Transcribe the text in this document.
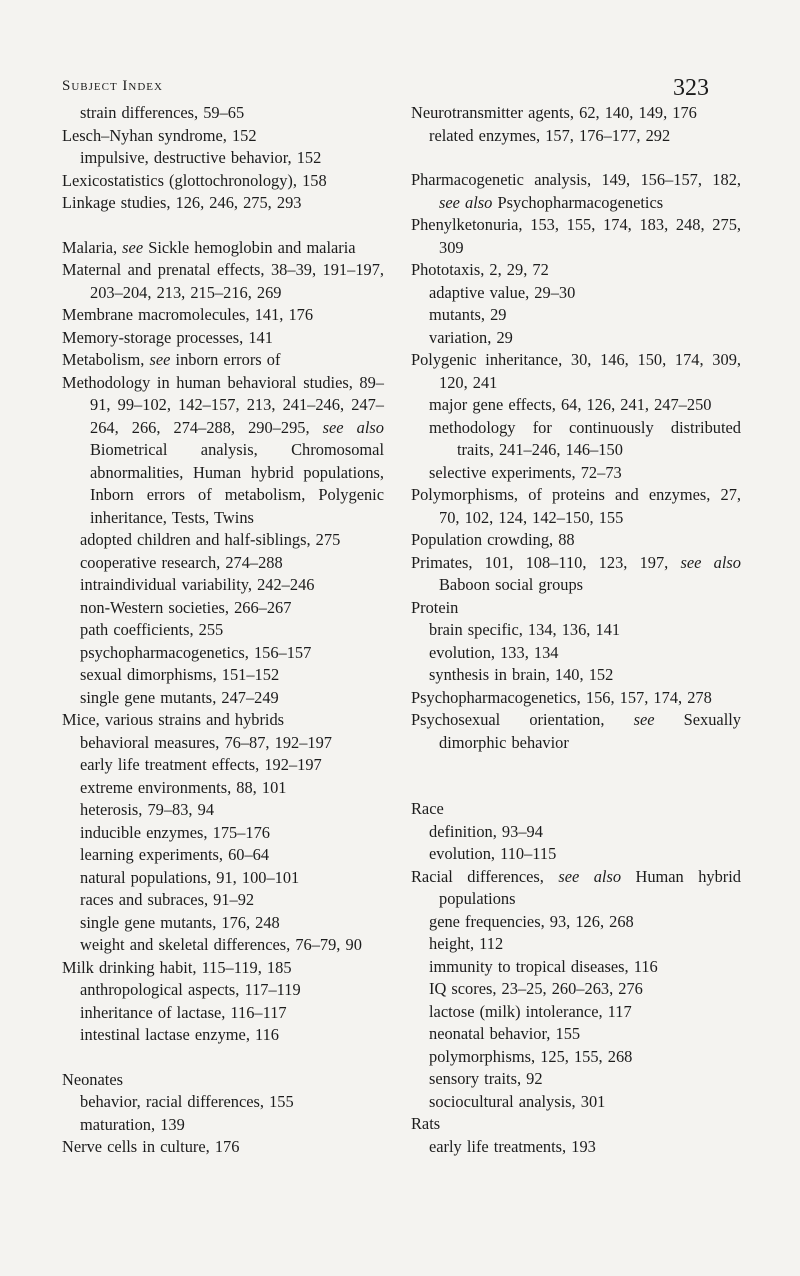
Subject Index	323
strain differences, 59–65
Lesch–Nyhan syndrome, 152
impulsive, destructive behavior, 152
Lexicostatistics (glottochronology), 158
Linkage studies, 126, 246, 275, 293
Malaria, see Sickle hemoglobin and malaria
Maternal and prenatal effects, 38–39, 191–197, 203–204, 213, 215–216, 269
Membrane macromolecules, 141, 176
Memory-storage processes, 141
Metabolism, see inborn errors of
Methodology in human behavioral studies, 89–91, 99–102, 142–157, 213, 241–246, 247–264, 266, 274–288, 290–295, see also Biometrical analysis, Chromosomal abnormalities, Human hybrid populations, Inborn errors of metabolism, Polygenic inheritance, Tests, Twins
adopted children and half-siblings, 275
cooperative research, 274–288
intraindividual variability, 242–246
non-Western societies, 266–267
path coefficients, 255
psychopharmacogenetics, 156–157
sexual dimorphisms, 151–152
single gene mutants, 247–249
Mice, various strains and hybrids
behavioral measures, 76–87, 192–197
early life treatment effects, 192–197
extreme environments, 88, 101
heterosis, 79–83, 94
inducible enzymes, 175–176
learning experiments, 60–64
natural populations, 91, 100–101
races and subraces, 91–92
single gene mutants, 176, 248
weight and skeletal differences, 76–79, 90
Milk drinking habit, 115–119, 185
anthropological aspects, 117–119
inheritance of lactase, 116–117
intestinal lactase enzyme, 116
Neonates
behavior, racial differences, 155
maturation, 139
Nerve cells in culture, 176
Neurotransmitter agents, 62, 140, 149, 176
related enzymes, 157, 176–177, 292
Pharmacogenetic analysis, 149, 156–157, 182, see also Psychopharmacogenetics
Phenylketonuria, 153, 155, 174, 183, 248, 275, 309
Phototaxis, 2, 29, 72
adaptive value, 29–30
mutants, 29
variation, 29
Polygenic inheritance, 30, 146, 150, 174, 309, 120, 241
major gene effects, 64, 126, 241, 247–250
methodology for continuously distributed traits, 241–246, 146–150
selective experiments, 72–73
Polymorphisms, of proteins and enzymes, 27, 70, 102, 124, 142–150, 155
Population crowding, 88
Primates, 101, 108–110, 123, 197, see also Baboon social groups
Protein
brain specific, 134, 136, 141
evolution, 133, 134
synthesis in brain, 140, 152
Psychopharmacogenetics, 156, 157, 174, 278
Psychosexual orientation, see Sexually dimorphic behavior
Race
definition, 93–94
evolution, 110–115
Racial differences, see also Human hybrid populations
gene frequencies, 93, 126, 268
height, 112
immunity to tropical diseases, 116
IQ scores, 23–25, 260–263, 276
lactose (milk) intolerance, 117
neonatal behavior, 155
polymorphisms, 125, 155, 268
sensory traits, 92
sociocultural analysis, 301
Rats
early life treatments, 193
